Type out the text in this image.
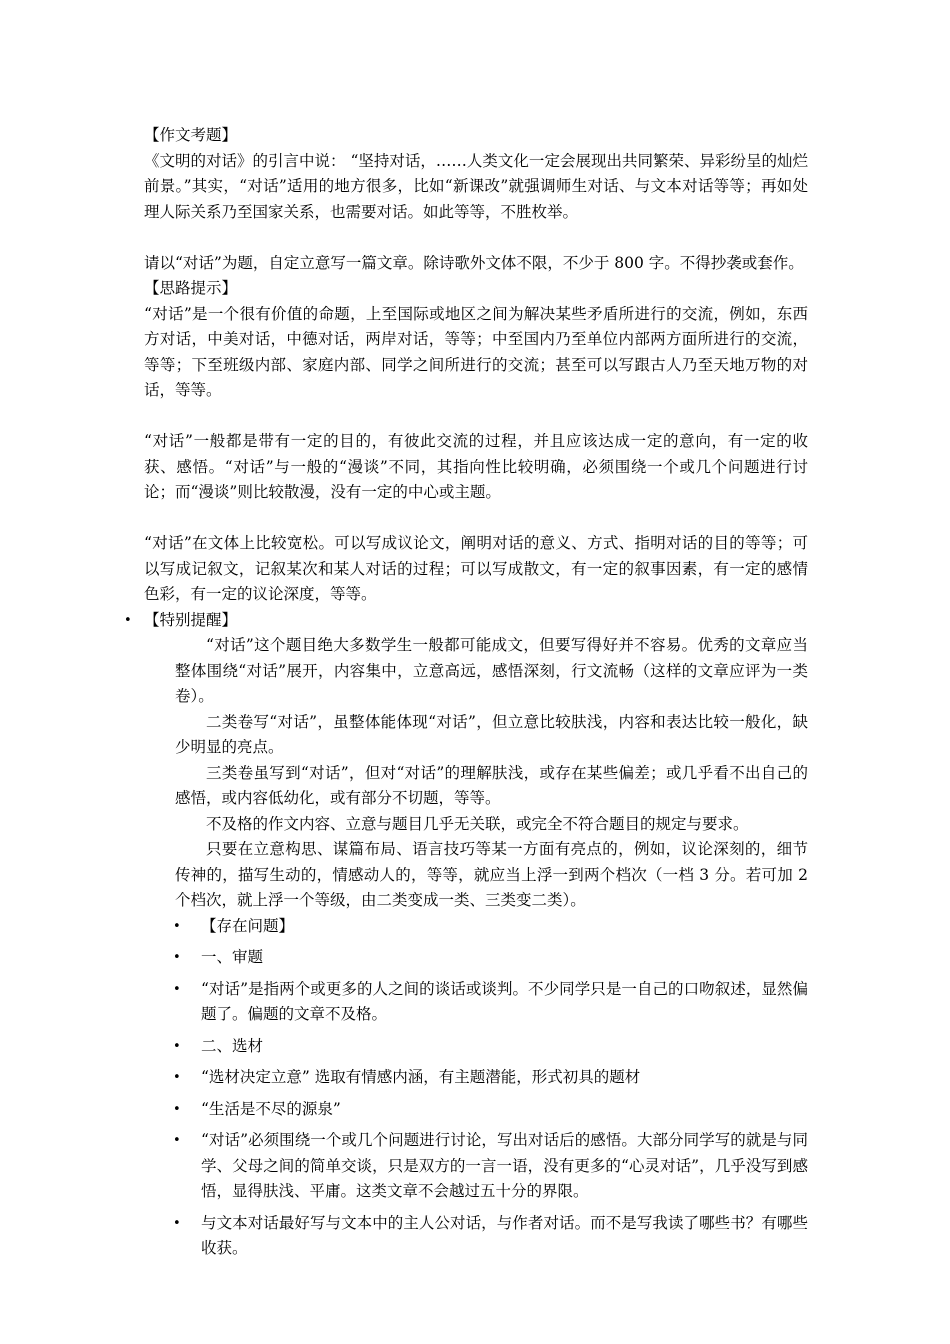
【作文考题】

《文明的对话》的引言中说： “坚持对话，……人类文化一定会展现出共同繁荣、异彩纷呈的灿烂前景。”其实，“对话”适用的地方很多，比如“新课改”就强调师生对话、与文本对话等等；再如处理人际关系乃至国家关系，也需要对话。如此等等，不胜枚举。

请以“对话”为题，自定立意写一篇文章。除诗歌外文体不限，不少于 800 字。不得抄袭或套作。

【思路提示】

“对话”是一个很有价值的命题，上至国际或地区之间为解决某些矛盾所进行的交流，例如，东西方对话，中美对话，中德对话，两岸对话，等等；中至国内乃至单位内部两方面所进行的交流，等等；下至班级内部、家庭内部、同学之间所进行的交流；甚至可以写跟古人乃至天地万物的对话，等等。

“对话”一般都是带有一定的目的，有彼此交流的过程，并且应该达成一定的意向，有一定的收获、感悟。“对话”与一般的“漫谈”不同，其指向性比较明确，必须围绕一个或几个问题进行讨论；而“漫谈”则比较散漫，没有一定的中心或主题。

“对话”在文体上比较宽松。可以写成议论文，阐明对话的意义、方式、指明对话的目的等等；可以写成记叙文，记叙某次和某人对话的过程；可以写成散文，有一定的叙事因素，有一定的感情色彩，有一定的议论深度，等等。

• 【特别提醒】

“对话”这个题目绝大多数学生一般都可能成文，但要写得好并不容易。优秀的文章应当整体围绕“对话”展开，内容集中，立意高远，感悟深刻，行文流畅（这样的文章应评为一类卷）。

二类卷写“对话”，虽整体能体现“对话”，但立意比较肤浅，内容和表达比较一般化，缺少明显的亮点。

三类卷虽写到“对话”，但对“对话”的理解肤浅，或存在某些偏差；或几乎看不出自己的感悟，或内容低幼化，或有部分不切题，等等。

不及格的作文内容、立意与题目几乎无关联，或完全不符合题目的规定与要求。

只要在立意构思、谋篇布局、语言技巧等某一方面有亮点的，例如，议论深刻的，细节传神的，描写生动的，情感动人的，等等，就应当上浮一到两个档次（一档 3 分。若可加 2 个档次，就上浮一个等级，由二类变成一类、三类变二类）。

• 【存在问题】
• 一、审题
• “对话”是指两个或更多的人之间的谈话或谈判。不少同学只是一自己的口吻叙述，显然偏题了。偏题的文章不及格。
• 二、选材
• “选材决定立意” 选取有情感内涵，有主题潜能，形式初具的题材
• “生活是不尽的源泉”
• “对话”必须围绕一个或几个问题进行讨论，写出对话后的感悟。大部分同学写的就是与同学、父母之间的简单交谈，只是双方的一言一语，没有更多的“心灵对话”，几乎没写到感悟，显得肤浅、平庸。这类文章不会越过五十分的界限。
• 与文本对话最好写与文本中的主人公对话，与作者对话。而不是写我读了哪些书？有哪些收获。
